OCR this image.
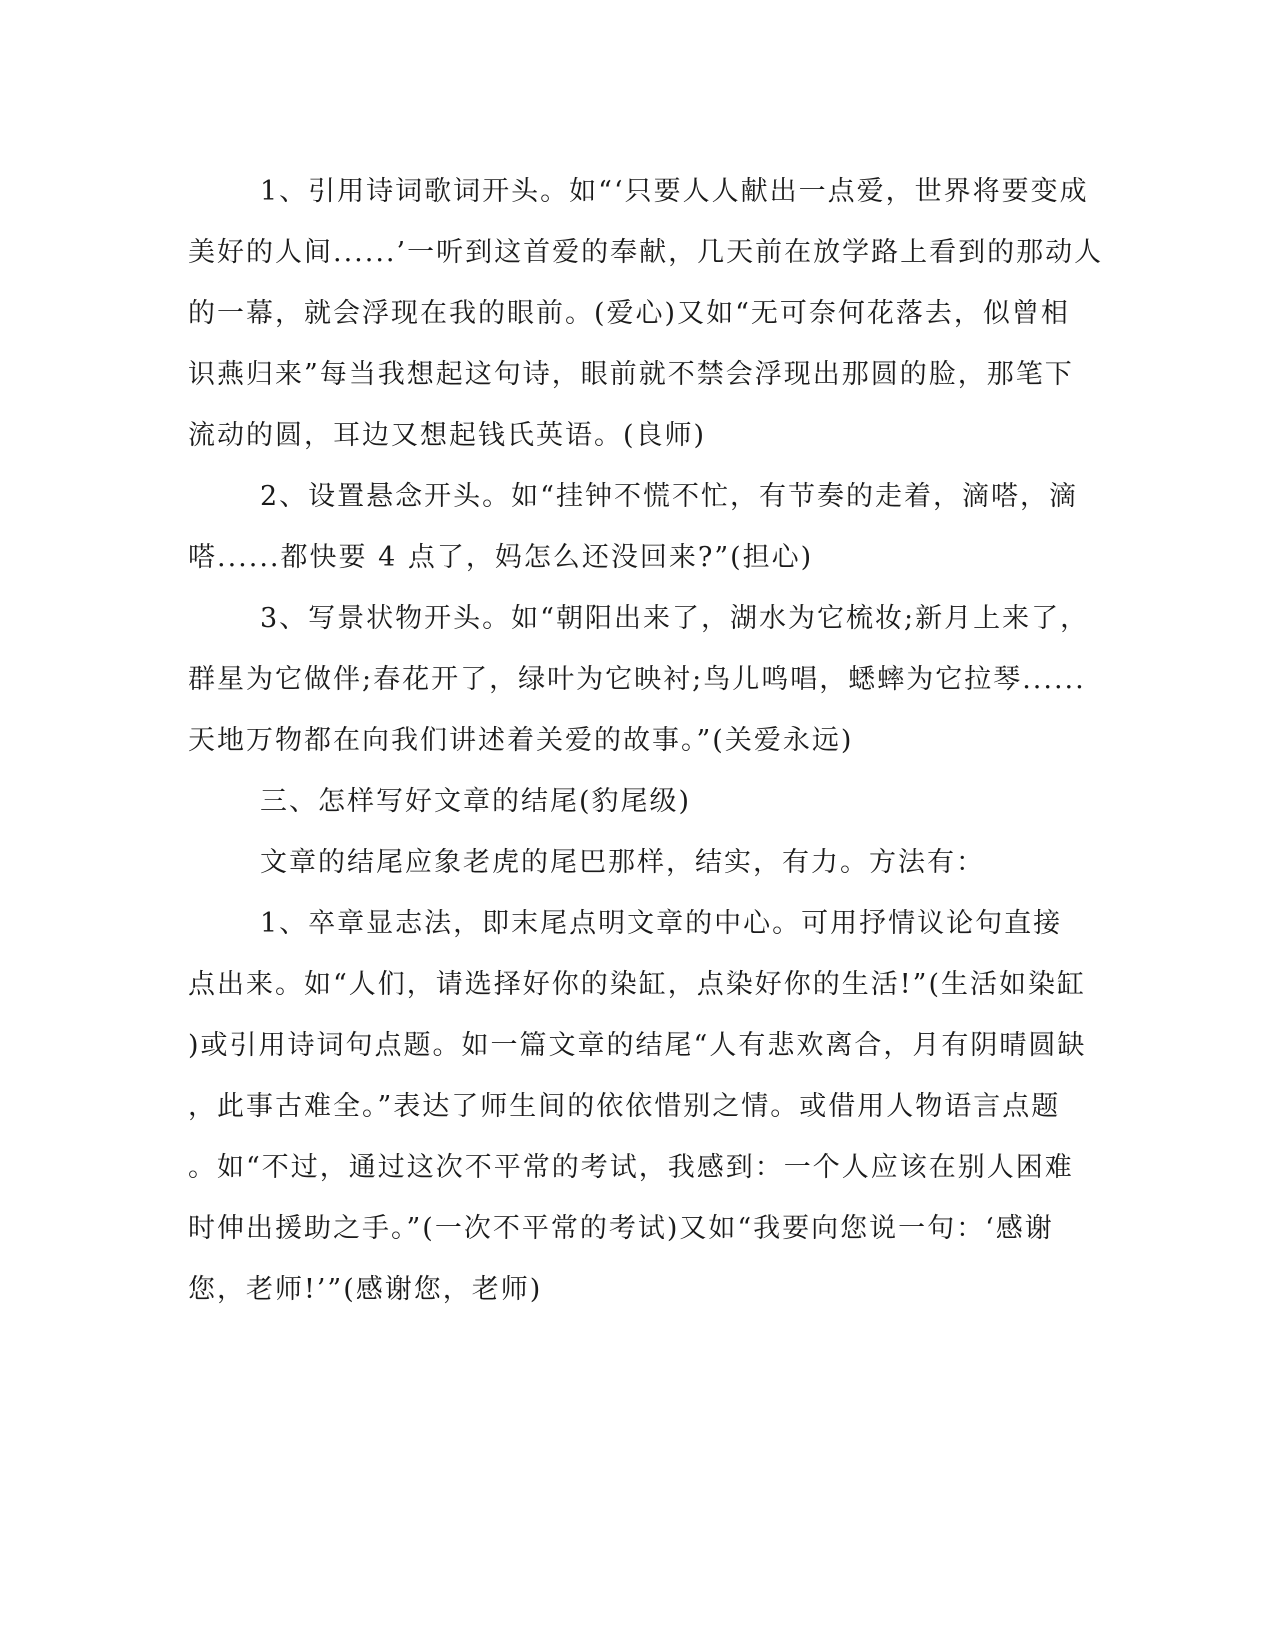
1、引用诗词歌词开头。如“‘只要人人献出一点爱，世界将要变成
美好的人间......’一听到这首爱的奉献，几天前在放学路上看到的那动人
的一幕，就会浮现在我的眼前。(爱心)又如“无可奈何花落去，似曾相
识燕归来”每当我想起这句诗，眼前就不禁会浮现出那圆的脸，那笔下
流动的圆，耳边又想起钱氏英语。(良师)
2、设置悬念开头。如“挂钟不慌不忙，有节奏的走着，滴嗒，滴
嗒......都快要 4 点了，妈怎么还没回来?”(担心)
3、写景状物开头。如“朝阳出来了，湖水为它梳妆;新月上来了，
群星为它做伴;春花开了，绿叶为它映衬;鸟儿鸣唱，蟋蟀为它拉琴......
天地万物都在向我们讲述着关爱的故事。”(关爱永远)
三、怎样写好文章的结尾(豹尾级)
文章的结尾应象老虎的尾巴那样，结实，有力。方法有：
1、卒章显志法，即末尾点明文章的中心。可用抒情议论句直接
点出来。如“人们，请选择好你的染缸，点染好你的生活!”(生活如染缸
)或引用诗词句点题。如一篇文章的结尾“人有悲欢离合，月有阴晴圆缺
，此事古难全。”表达了师生间的依依惜别之情。或借用人物语言点题
。如“不过，通过这次不平常的考试，我感到：一个人应该在别人困难
时伸出援助之手。”(一次不平常的考试)又如“我要向您说一句：‘感谢
您，老师!’”(感谢您，老师)
